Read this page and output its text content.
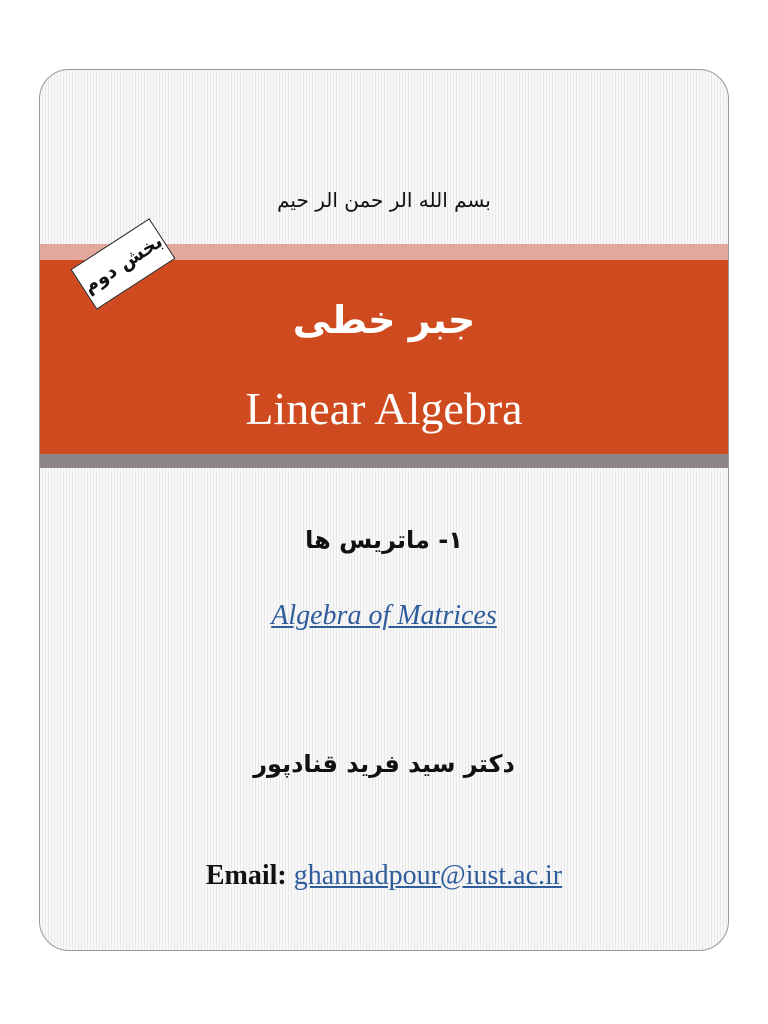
بسم الله الر حمن الر حیم
جبر خطی
Linear Algebra
بخش دوم
۱- ماتریس ها
Algebra of Matrices
دکتر سید فرید قنادپور
Email: ghannadpour@iust.ac.ir
